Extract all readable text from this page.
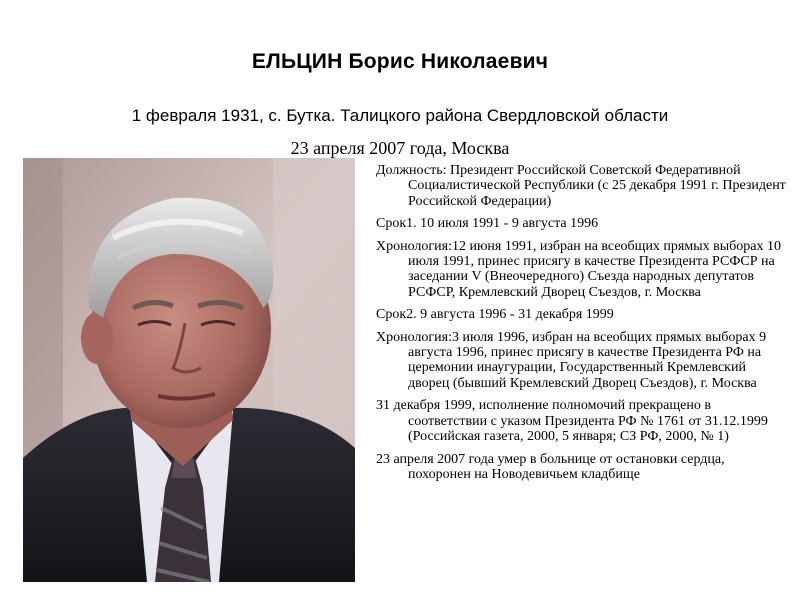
ЕЛЬЦИН Борис Николаевич
1 февраля 1931, с. Бутка. Талицкого района Свердловской области
23 апреля 2007 года, Москва
Должность: Президент Российской Советской Федеративной Социалистической Республики (с 25 декабря 1991 г. Президент Российской Федерации)
Срок1. 10 июля 1991 - 9 августа 1996
Хронология:12 июня 1991, избран на всеобщих прямых выборах 10 июля 1991, принес присягу в качестве Президента РСФСР на заседании V (Внеочередного) Съезда народных депутатов РСФСР, Кремлевский Дворец Съездов, г. Москва
Срок2. 9 августа 1996 - 31 декабря 1999
Хронология:3 июля 1996, избран на всеобщих прямых выборах 9 августа 1996, принес присягу в качестве Президента РФ на церемонии инаугурации, Государственный Кремлевский дворец (бывший Кремлевский Дворец Съездов), г. Москва
31 декабря 1999, исполнение полномочий прекращено в соответствии с указом Президента РФ № 1761 от 31.12.1999 (Российская газета, 2000, 5 января; СЗ РФ, 2000, № 1)
23 апреля 2007 года умер в больнице от остановки сердца, похоронен на Новодевичьем кладбище
